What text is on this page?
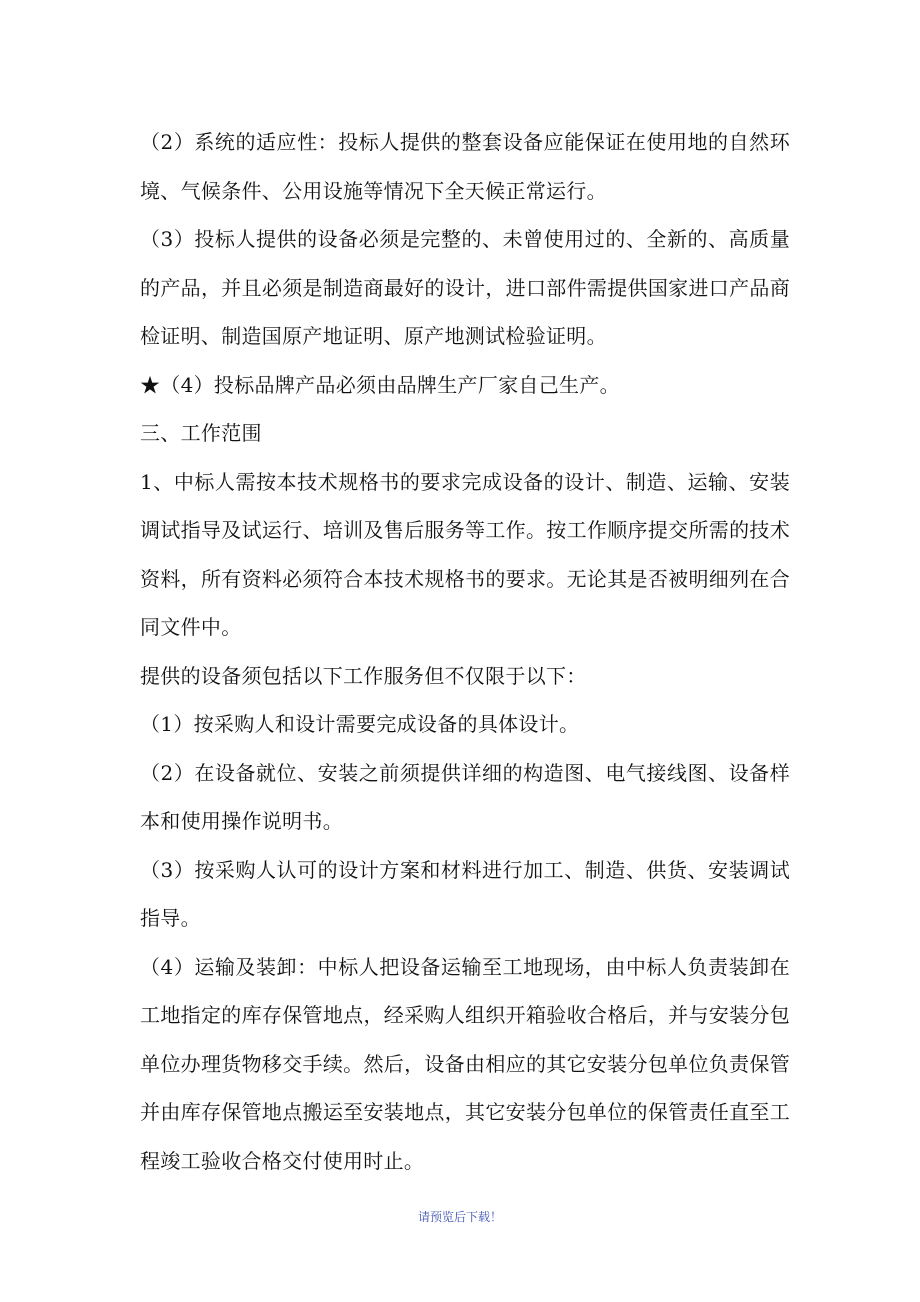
（2）系统的适应性：投标人提供的整套设备应能保证在使用地的自然环境、气候条件、公用设施等情况下全天候正常运行。

（3）投标人提供的设备必须是完整的、未曾使用过的、全新的、高质量的产品，并且必须是制造商最好的设计，进口部件需提供国家进口产品商检证明、制造国原产地证明、原产地测试检验证明。

★（4）投标品牌产品必须由品牌生产厂家自己生产。

三、工作范围

1、中标人需按本技术规格书的要求完成设备的设计、制造、运输、安装调试指导及试运行、培训及售后服务等工作。按工作顺序提交所需的技术资料，所有资料必须符合本技术规格书的要求。无论其是否被明细列在合同文件中。

提供的设备须包括以下工作服务但不仅限于以下：

（1）按采购人和设计需要完成设备的具体设计。

（2）在设备就位、安装之前须提供详细的构造图、电气接线图、设备样本和使用操作说明书。

（3）按采购人认可的设计方案和材料进行加工、制造、供货、安装调试指导。

（4）运输及装卸：中标人把设备运输至工地现场，由中标人负责装卸在工地指定的库存保管地点，经采购人组织开箱验收合格后，并与安装分包单位办理货物移交手续。然后，设备由相应的其它安装分包单位负责保管并由库存保管地点搬运至安装地点，其它安装分包单位的保管责任直至工程竣工验收合格交付使用时止。

请预览后下载！
